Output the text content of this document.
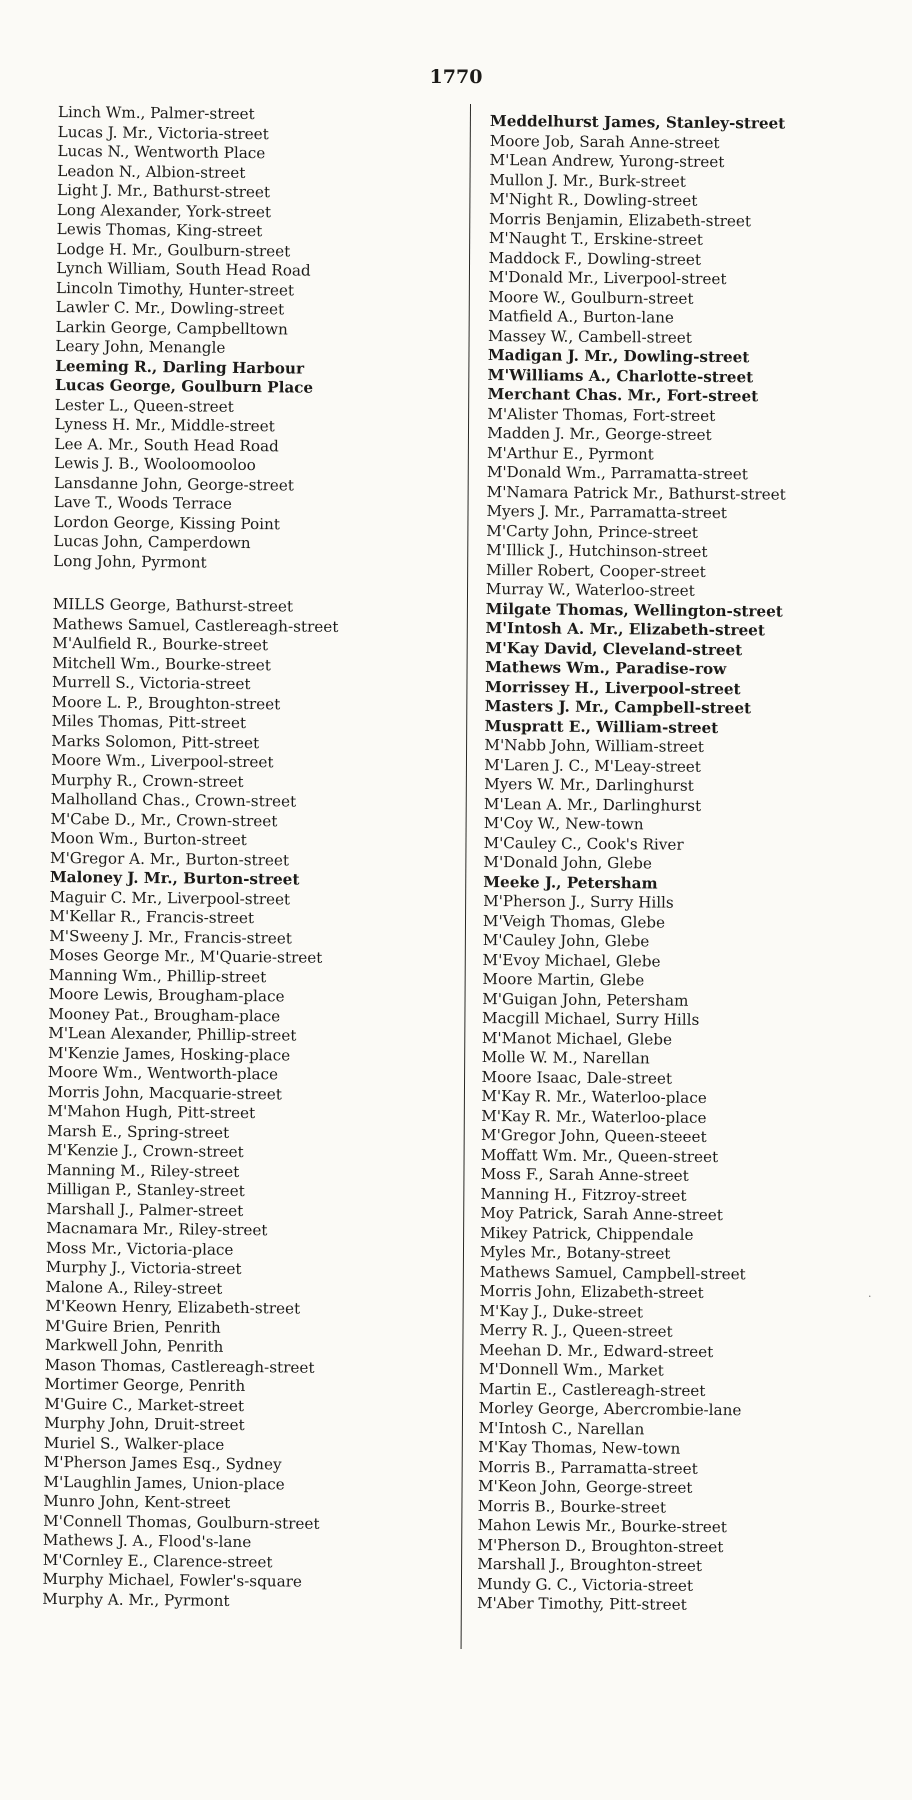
1770
Linch Wm., Palmer-street
Lucas J. Mr., Victoria-street
Lucas N., Wentworth Place
Leadon N., Albion-street
Light J. Mr., Bathurst-street
Long Alexander, York-street
Lewis Thomas, King-street
Lodge H. Mr., Goulburn-street
Lynch William, South Head Road
Lincoln Timothy, Hunter-street
Lawler C. Mr., Dowling-street
Larkin George, Campbelltown
Leary John, Menangle
Leeming R., Darling Harbour
Lucas George, Goulburn Place
Lester L., Queen-street
Lyness H. Mr., Middle-street
Lee A. Mr., South Head Road
Lewis J. B., Wooloomooloo
Lansdanne John, George-street
Lave T., Woods Terrace
Lordon George, Kissing Point
Lucas John, Camperdown
Long John, Pyrmont
MILLS George, Bathurst-street
Mathews Samuel, Castlereagh-street
M'Aulfield R., Bourke-street
Mitchell Wm., Bourke-street
Murrell S., Victoria-street
Moore L. P., Broughton-street
Miles Thomas, Pitt-street
Marks Solomon, Pitt-street
Moore Wm., Liverpool-street
Murphy R., Crown-street
Malholland Chas., Crown-street
M'Cabe D., Mr., Crown-street
Moon Wm., Burton-street
M'Gregor A. Mr., Burton-street
Maloney J. Mr., Burton-street
Maguir C. Mr., Liverpool-street
M'Kellar R., Francis-street
M'Sweeny J. Mr., Francis-street
Moses George Mr., M'Quarie-street
Manning Wm., Phillip-street
Moore Lewis, Brougham-place
Mooney Pat., Brougham-place
M'Lean Alexander, Phillip-street
M'Kenzie James, Hosking-place
Moore Wm., Wentworth-place
Morris John, Macquarie-street
M'Mahon Hugh, Pitt-street
Marsh E., Spring-street
M'Kenzie J., Crown-street
Manning M., Riley-street
Milligan P., Stanley-street
Marshall J., Palmer-street
Macnamara Mr., Riley-street
Moss Mr., Victoria-place
Murphy J., Victoria-street
Malone A., Riley-street
M'Keown Henry, Elizabeth-street
M'Guire Brien, Penrith
Markwell John, Penrith
Mason Thomas, Castlereagh-street
Mortimer George, Penrith
M'Guire C., Market-street
Murphy John, Druit-street
Muriel S., Walker-place
M'Pherson James Esq., Sydney
M'Laughlin James, Union-place
Munro John, Kent-street
M'Connell Thomas, Goulburn-street
Mathews J. A., Flood's-lane
M'Cornley E., Clarence-street
Murphy Michael, Fowler's-square
Murphy A. Mr., Pyrmont
Meddelhurst James, Stanley-street
Moore Job, Sarah Anne-street
M'Lean Andrew, Yurong-street
Mullon J. Mr., Burk-street
M'Night R., Dowling-street
Morris Benjamin, Elizabeth-street
M'Naught T., Erskine-street
Maddock F., Dowling-street
M'Donald Mr., Liverpool-street
Moore W., Goulburn-street
Matfield A., Burton-lane
Massey W., Cambell-street
Madigan J. Mr., Dowling-street
M'Williams A., Charlotte-street
Merchant Chas. Mr., Fort-street
M'Alister Thomas, Fort-street
Madden J. Mr., George-street
M'Arthur E., Pyrmont
M'Donald Wm., Parramatta-street
M'Namara Patrick Mr., Bathurst-street
Myers J. Mr., Parramatta-street
M'Carty John, Prince-street
M'Illick J., Hutchinson-street
Miller Robert, Cooper-street
Murray W., Waterloo-street
Milgate Thomas, Wellington-street
M'Intosh A. Mr., Elizabeth-street
M'Kay David, Cleveland-street
Mathews Wm., Paradise-row
Morrissey H., Liverpool-street
Masters J. Mr., Campbell-street
Muspratt E., William-street
M'Nabb John, William-street
M'Laren J. C., M'Leay-street
Myers W. Mr., Darlinghurst
M'Lean A. Mr., Darlinghurst
M'Coy W., New-town
M'Cauley C., Cook's River
M'Donald John, Glebe
Meeke J., Petersham
M'Pherson J., Surry Hills
M'Veigh Thomas, Glebe
M'Cauley John, Glebe
M'Evoy Michael, Glebe
Moore Martin, Glebe
M'Guigan John, Petersham
Macgill Michael, Surry Hills
M'Manot Michael, Glebe
Molle W. M., Narellan
Moore Isaac, Dale-street
M'Kay R. Mr., Waterloo-place
M'Kay R. Mr., Waterloo-place
M'Gregor John, Queen-steeet
Moffatt Wm. Mr., Queen-street
Moss F., Sarah Anne-street
Manning H., Fitzroy-street
Moy Patrick, Sarah Anne-street
Mikey Patrick, Chippendale
Myles Mr., Botany-street
Mathews Samuel, Campbell-street
Morris John, Elizabeth-street
M'Kay J., Duke-street
Merry R. J., Queen-street
Meehan D. Mr., Edward-street
M'Donnell Wm., Market
Martin E., Castlereagh-street
Morley George, Abercrombie-lane
M'Intosh C., Narellan
M'Kay Thomas, New-town
Morris B., Parramatta-street
M'Keon John, George-street
Morris B., Bourke-street
Mahon Lewis Mr., Bourke-street
M'Pherson D., Broughton-street
Marshall J., Broughton-street
Mundy G. C., Victoria-street
M'Aber Timothy, Pitt-street
·
